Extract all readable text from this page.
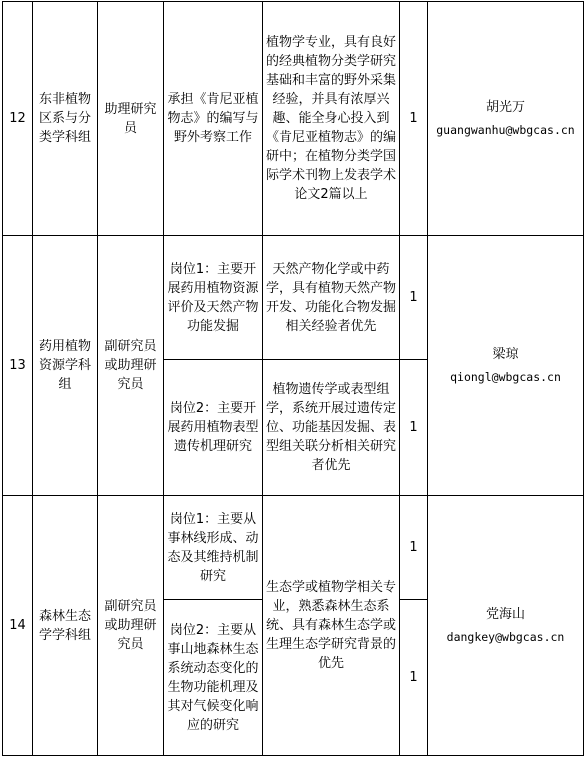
12	东非植物区系与分类学科组	助理研究员	承担《肯尼亚植物志》的编写与野外考察工作	植物学专业，具有良好的经典植物分类学研究基础和丰富的野外采集经验，并具有浓厚兴趣、能全身心投入到《肯尼亚植物志》的编研中；在植物分类学国际学术刊物上发表学术论文2篇以上	1	胡光万
guangwanhu@wbgcas.cn

13	药用植物资源学科组	副研究员或助理研究员	岗位1：主要开展药用植物资源评价及天然产物功能发掘	天然产物化学或中药学，具有植物天然产物开发、功能化合物发掘相关经验者优先	1	梁琼
qiongl@wbgcas.cn

			岗位2：主要开展药用植物表型遗传机理研究	植物遗传学或表型组学，系统开展过遗传定位、功能基因发掘、表型组关联分析相关研究者优先	1	
14	森林生态学学科组	副研究员或助理研究员	岗位1：主要从事林线形成、动态及其维持机制研究	生态学或植物学相关专业，熟悉森林生态系统、具有森林生态学或生理生态学研究背景的优先	1	党海山
dangkey@wbgcas.cn

			岗位2：主要从事山地森林生态系统动态变化的生物功能机理及其对气候变化响应的研究		1	
